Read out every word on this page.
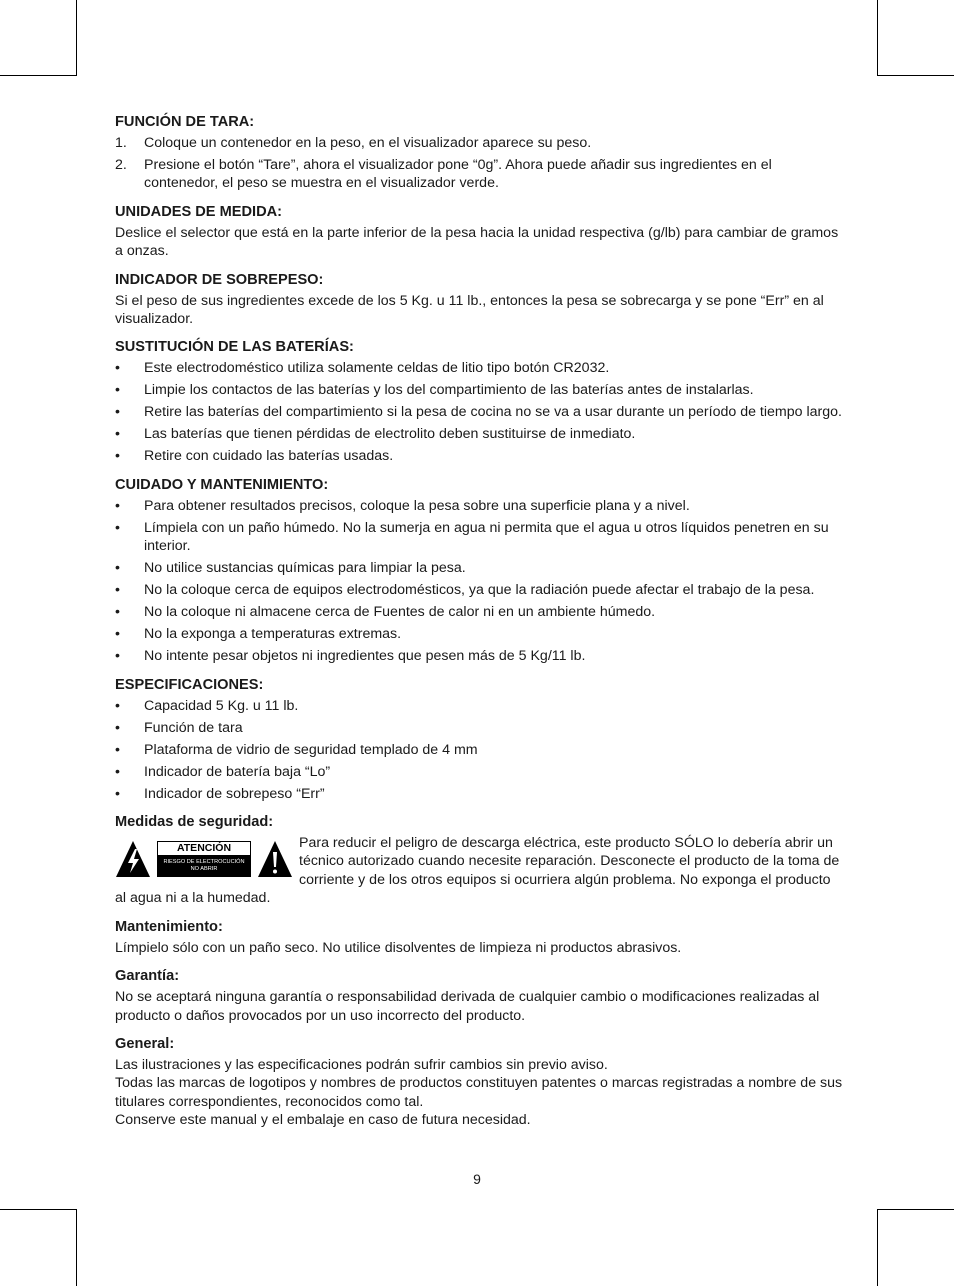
FUNCIÓN DE TARA:
1. Coloque un contenedor en la peso, en el visualizador aparece su peso.
2. Presione el botón “Tare”, ahora el visualizador pone “0g”. Ahora puede añadir sus ingredientes en el contenedor, el peso se muestra en el visualizador verde.
UNIDADES DE MEDIDA:

Deslice el selector que está en la parte inferior de la pesa hacia la unidad respectiva (g/lb) para cambiar de gramos a onzas.

INDICADOR DE SOBREPESO:

Si el peso de sus ingredientes excede de los 5 Kg. u 11 lb., entonces la pesa se sobrecarga y se pone “Err” en al visualizador.

SUSTITUCIÓN DE LAS BATERÍAS:
• Este electrodoméstico utiliza solamente celdas de litio tipo botón CR2032.
• Limpie los contactos de las baterías y los del compartimiento de las baterías antes de instalarlas.
• Retire las baterías del compartimiento si la pesa de cocina no se va a usar durante un período de tiempo largo.
• Las baterías que tienen pérdidas de electrolito deben sustituirse de inmediato.
• Retire con cuidado las baterías usadas.
CUIDADO Y MANTENIMIENTO:
• Para obtener resultados precisos, coloque la pesa sobre una superficie plana y a nivel.
• Límpiela con un paño húmedo. No la sumerja en agua ni permita que el agua u otros líquidos penetren en su interior.
• No utilice sustancias químicas para limpiar la pesa.
• No la coloque cerca de equipos electrodomésticos, ya que la radiación puede afectar el trabajo de la pesa.
• No la coloque ni almacene cerca de Fuentes de calor ni en un ambiente húmedo.
• No la exponga a temperaturas extremas.
• No intente pesar objetos ni ingredientes que pesen más de 5 Kg/11 lb.
ESPECIFICACIONES:
• Capacidad 5 Kg. u 11 lb.
• Función de tara
• Plataforma de vidrio de seguridad templado de 4 mm
• Indicador de batería baja “Lo”
• Indicador de sobrepeso “Err”
Medidas de seguridad:
ATENCIÓN
RIESGO DE ELECTROCUCIÓN
NO ABRIR

Para reducir el peligro de descarga eléctrica, este producto SÓLO lo debería abrir un técnico autorizado cuando necesite reparación. Desconecte el producto de la toma de corriente y de los otros equipos si ocurriera algún problema. No exponga el producto al agua ni a la humedad.

Mantenimiento:

Límpielo sólo con un paño seco. No utilice disolventes de limpieza ni productos abrasivos.

Garantía:

No se aceptará ninguna garantía o responsabilidad derivada de cualquier cambio o modificaciones realizadas al producto o daños provocados por un uso incorrecto del producto.

General:

Las ilustraciones y las especificaciones podrán sufrir cambios sin previo aviso.

Todas las marcas de logotipos y nombres de productos constituyen patentes o marcas registradas a nombre de sus titulares correspondientes, reconocidos como tal.

Conserve este manual y el embalaje en caso de futura necesidad.

9
